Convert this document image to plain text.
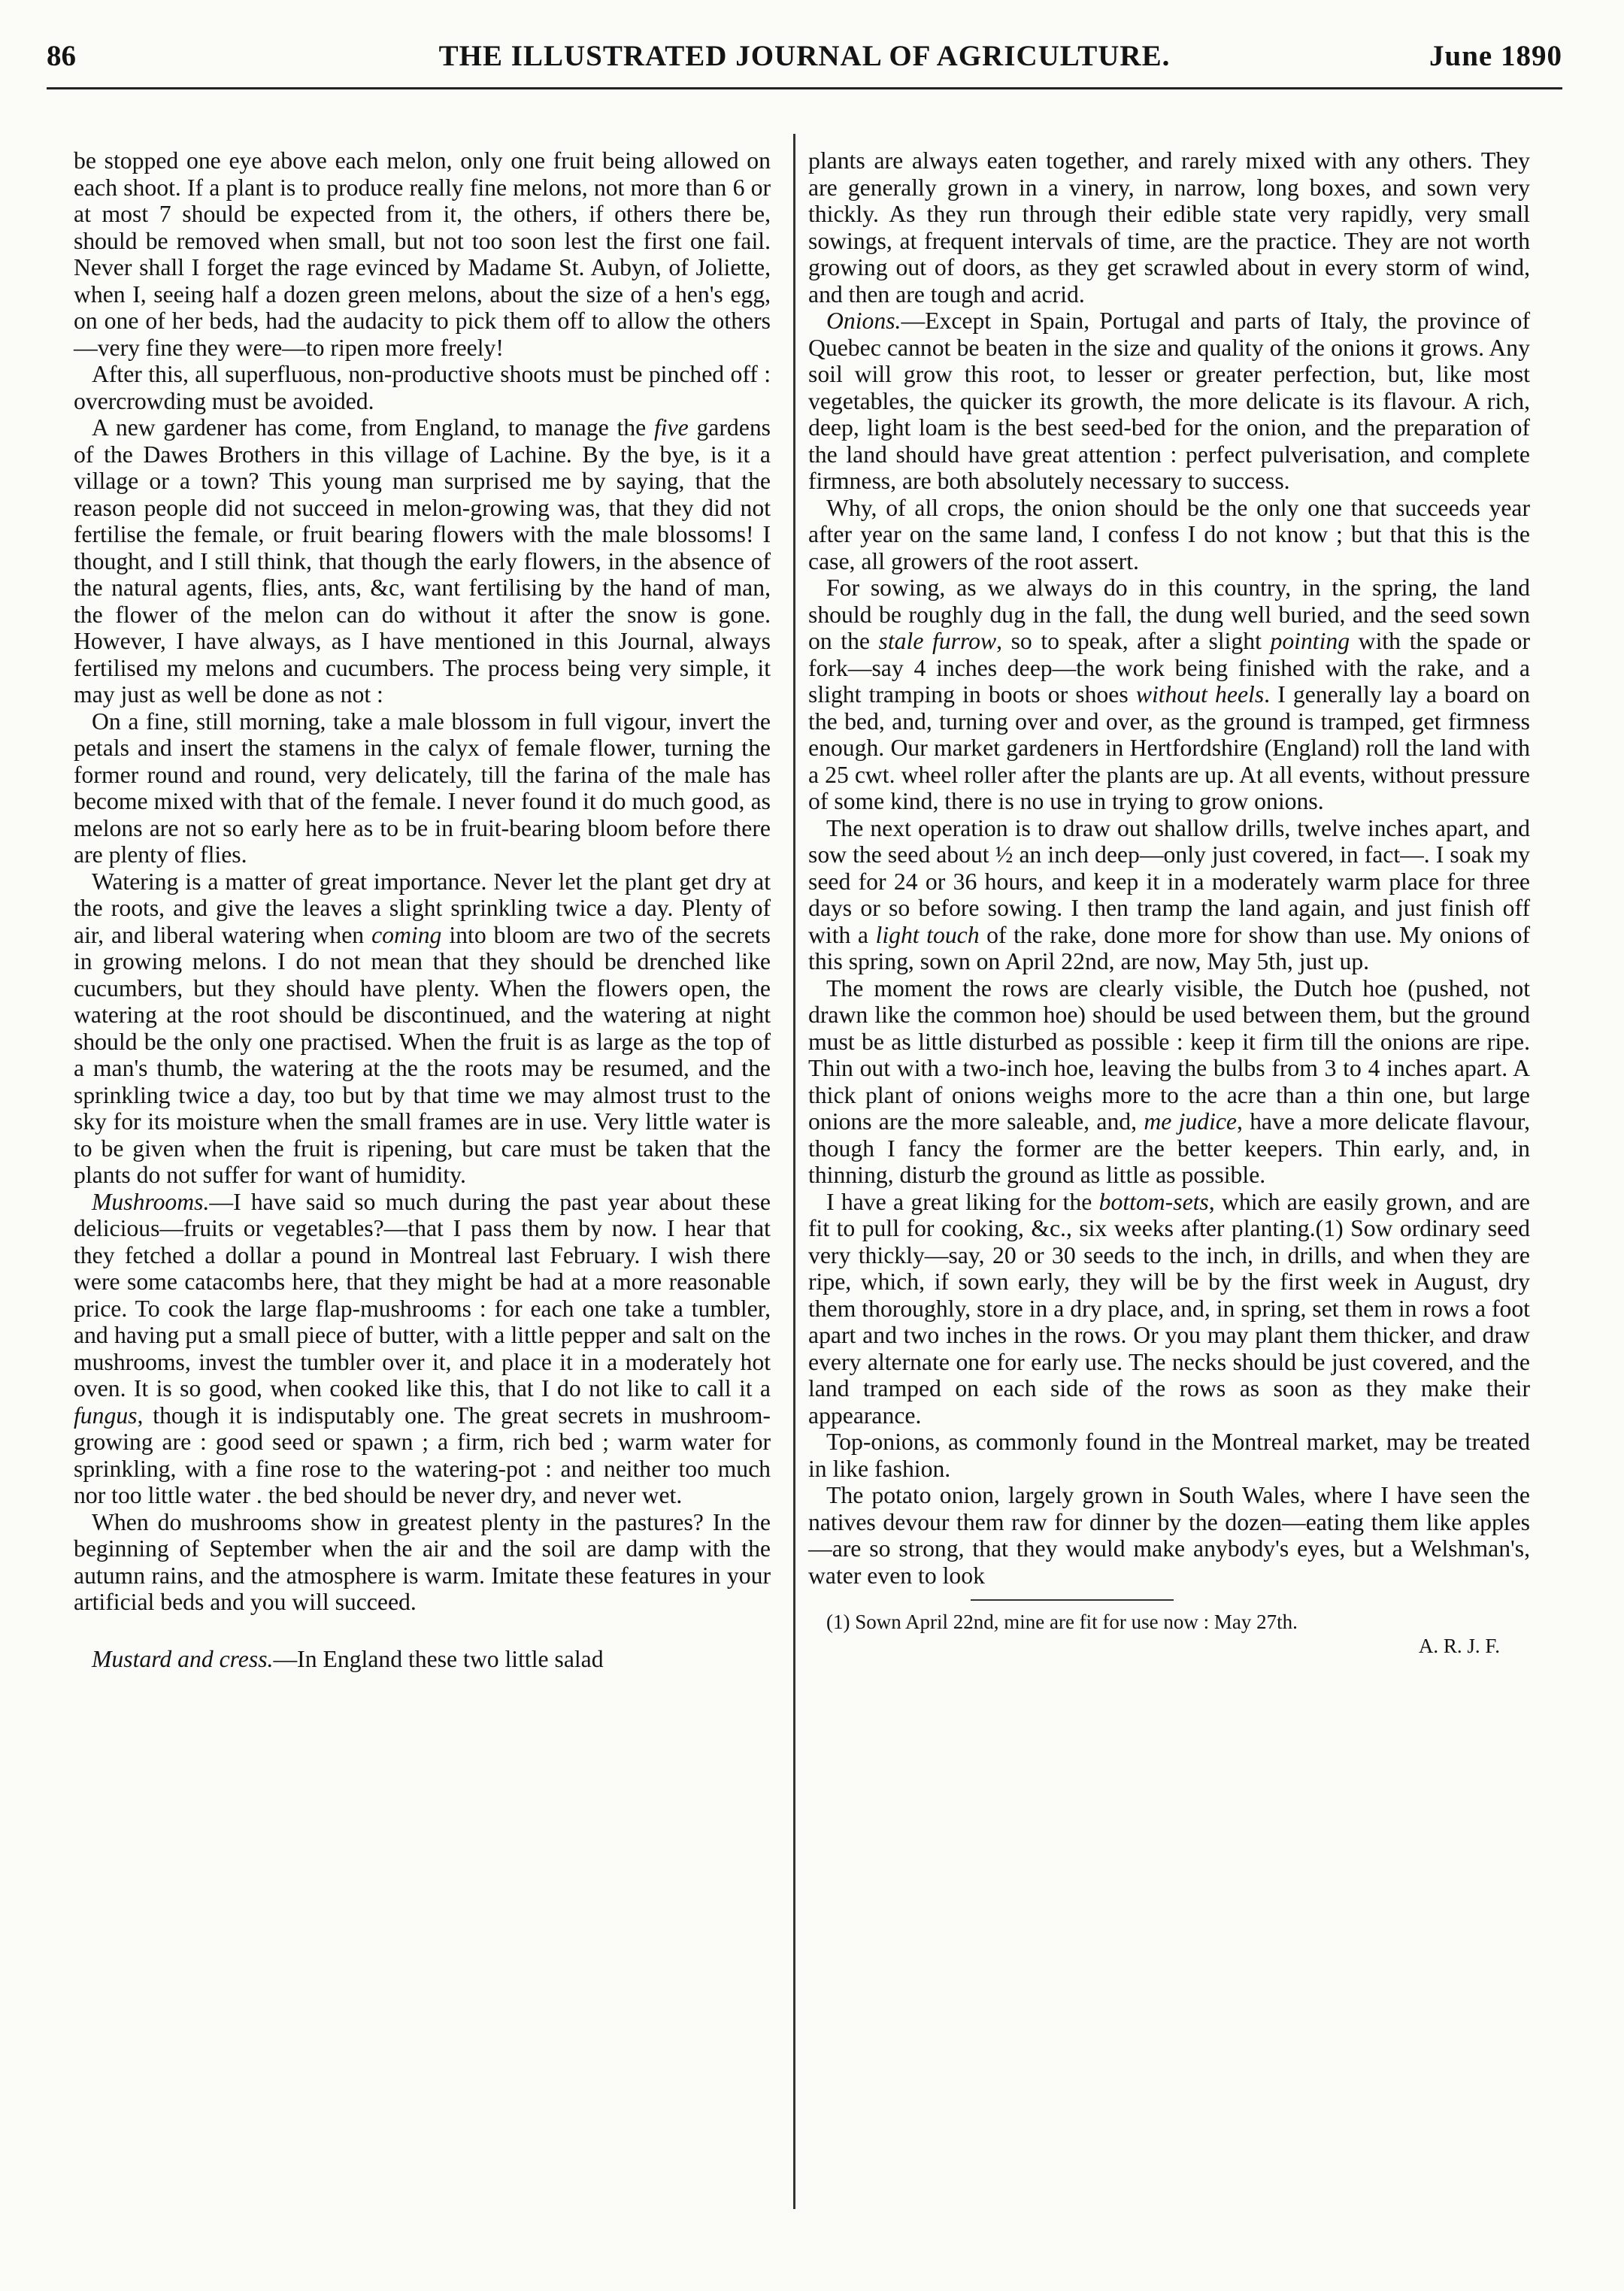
86	THE ILLUSTRATED JOURNAL OF AGRICULTURE.	June 1890

be stopped one eye above each melon, only one fruit being allowed on each shoot. If a plant is to produce really fine melons, not more than 6 or at most 7 should be expected from it, the others, if others there be, should be removed when small, but not too soon lest the first one fail. Never shall I forget the rage evinced by Madame St. Aubyn, of Joliette, when I, seeing half a dozen green melons, about the size of a hen's egg, on one of her beds, had the audacity to pick them off to allow the others—very fine they were—to ripen more freely!

After this, all superfluous, non-productive shoots must be pinched off : overcrowding must be avoided.

A new gardener has come, from England, to manage the five gardens of the Dawes Brothers in this village of Lachine. By the bye, is it a village or a town? This young man surprised me by saying, that the reason people did not succeed in melon-growing was, that they did not fertilise the female, or fruit bearing flowers with the male blossoms! I thought, and I still think, that though the early flowers, in the absence of the natural agents, flies, ants, &c, want fertilising by the hand of man, the flower of the melon can do without it after the snow is gone. However, I have always, as I have mentioned in this Journal, always fertilised my melons and cucumbers. The process being very simple, it may just as well be done as not :

On a fine, still morning, take a male blossom in full vigour, invert the petals and insert the stamens in the calyx of female flower, turning the former round and round, very delicately, till the farina of the male has become mixed with that of the female. I never found it do much good, as melons are not so early here as to be in fruit-bearing bloom before there are plenty of flies.

Watering is a matter of great importance. Never let the plant get dry at the roots, and give the leaves a slight sprinkling twice a day. Plenty of air, and liberal watering when coming into bloom are two of the secrets in growing melons. I do not mean that they should be drenched like cucumbers, but they should have plenty. When the flowers open, the watering at the root should be discontinued, and the watering at night should be the only one practised. When the fruit is as large as the top of a man's thumb, the watering at the the roots may be resumed, and the sprinkling twice a day, too but by that time we may almost trust to the sky for its moisture when the small frames are in use. Very little water is to be given when the fruit is ripening, but care must be taken that the plants do not suffer for want of humidity.

Mushrooms.—I have said so much during the past year about these delicious—fruits or vegetables?—that I pass them by now. I hear that they fetched a dollar a pound in Montreal last February. I wish there were some catacombs here, that they might be had at a more reasonable price. To cook the large flap-mushrooms : for each one take a tumbler, and having put a small piece of butter, with a little pepper and salt on the mushrooms, invest the tumbler over it, and place it in a moderately hot oven. It is so good, when cooked like this, that I do not like to call it a fungus, though it is indisputably one. The great secrets in mushroom-growing are : good seed or spawn ; a firm, rich bed ; warm water for sprinkling, with a fine rose to the watering-pot : and neither too much nor too little water . the bed should be never dry, and never wet.

When do mushrooms show in greatest plenty in the pastures? In the beginning of September when the air and the soil are damp with the autumn rains, and the atmosphere is warm. Imitate these features in your artificial beds and you will succeed.

Mustard and cress.—In England these two little salad

plants are always eaten together, and rarely mixed with any others. They are generally grown in a vinery, in narrow, long boxes, and sown very thickly. As they run through their edible state very rapidly, very small sowings, at frequent intervals of time, are the practice. They are not worth growing out of doors, as they get scrawled about in every storm of wind, and then are tough and acrid.

Onions.—Except in Spain, Portugal and parts of Italy, the province of Quebec cannot be beaten in the size and quality of the onions it grows. Any soil will grow this root, to lesser or greater perfection, but, like most vegetables, the quicker its growth, the more delicate is its flavour. A rich, deep, light loam is the best seed-bed for the onion, and the preparation of the land should have great attention : perfect pulverisation, and complete firmness, are both absolutely necessary to success.

Why, of all crops, the onion should be the only one that succeeds year after year on the same land, I confess I do not know ; but that this is the case, all growers of the root assert.

For sowing, as we always do in this country, in the spring, the land should be roughly dug in the fall, the dung well buried, and the seed sown on the stale furrow, so to speak, after a slight pointing with the spade or fork—say 4 inches deep—the work being finished with the rake, and a slight tramping in boots or shoes without heels. I generally lay a board on the bed, and, turning over and over, as the ground is tramped, get firmness enough. Our market gardeners in Hertfordshire (England) roll the land with a 25 cwt. wheel roller after the plants are up. At all events, without pressure of some kind, there is no use in trying to grow onions.

The next operation is to draw out shallow drills, twelve inches apart, and sow the seed about ½ an inch deep—only just covered, in fact—. I soak my seed for 24 or 36 hours, and keep it in a moderately warm place for three days or so before sowing. I then tramp the land again, and just finish off with a light touch of the rake, done more for show than use. My onions of this spring, sown on April 22nd, are now, May 5th, just up.

The moment the rows are clearly visible, the Dutch hoe (pushed, not drawn like the common hoe) should be used between them, but the ground must be as little disturbed as possible : keep it firm till the onions are ripe. Thin out with a two-inch hoe, leaving the bulbs from 3 to 4 inches apart. A thick plant of onions weighs more to the acre than a thin one, but large onions are the more saleable, and, me judice, have a more delicate flavour, though I fancy the former are the better keepers. Thin early, and, in thinning, disturb the ground as little as possible.

I have a great liking for the bottom-sets, which are easily grown, and are fit to pull for cooking, &c., six weeks after planting.(1) Sow ordinary seed very thickly—say, 20 or 30 seeds to the inch, in drills, and when they are ripe, which, if sown early, they will be by the first week in August, dry them thoroughly, store in a dry place, and, in spring, set them in rows a foot apart and two inches in the rows. Or you may plant them thicker, and draw every alternate one for early use. The necks should be just covered, and the land tramped on each side of the rows as soon as they make their appearance.

Top-onions, as commonly found in the Montreal market, may be treated in like fashion.

The potato onion, largely grown in South Wales, where I have seen the natives devour them raw for dinner by the dozen—eating them like apples—are so strong, that they would make anybody's eyes, but a Welshman's, water even to look

(1) Sown April 22nd, mine are fit for use now : May 27th.

A. R. J. F.
